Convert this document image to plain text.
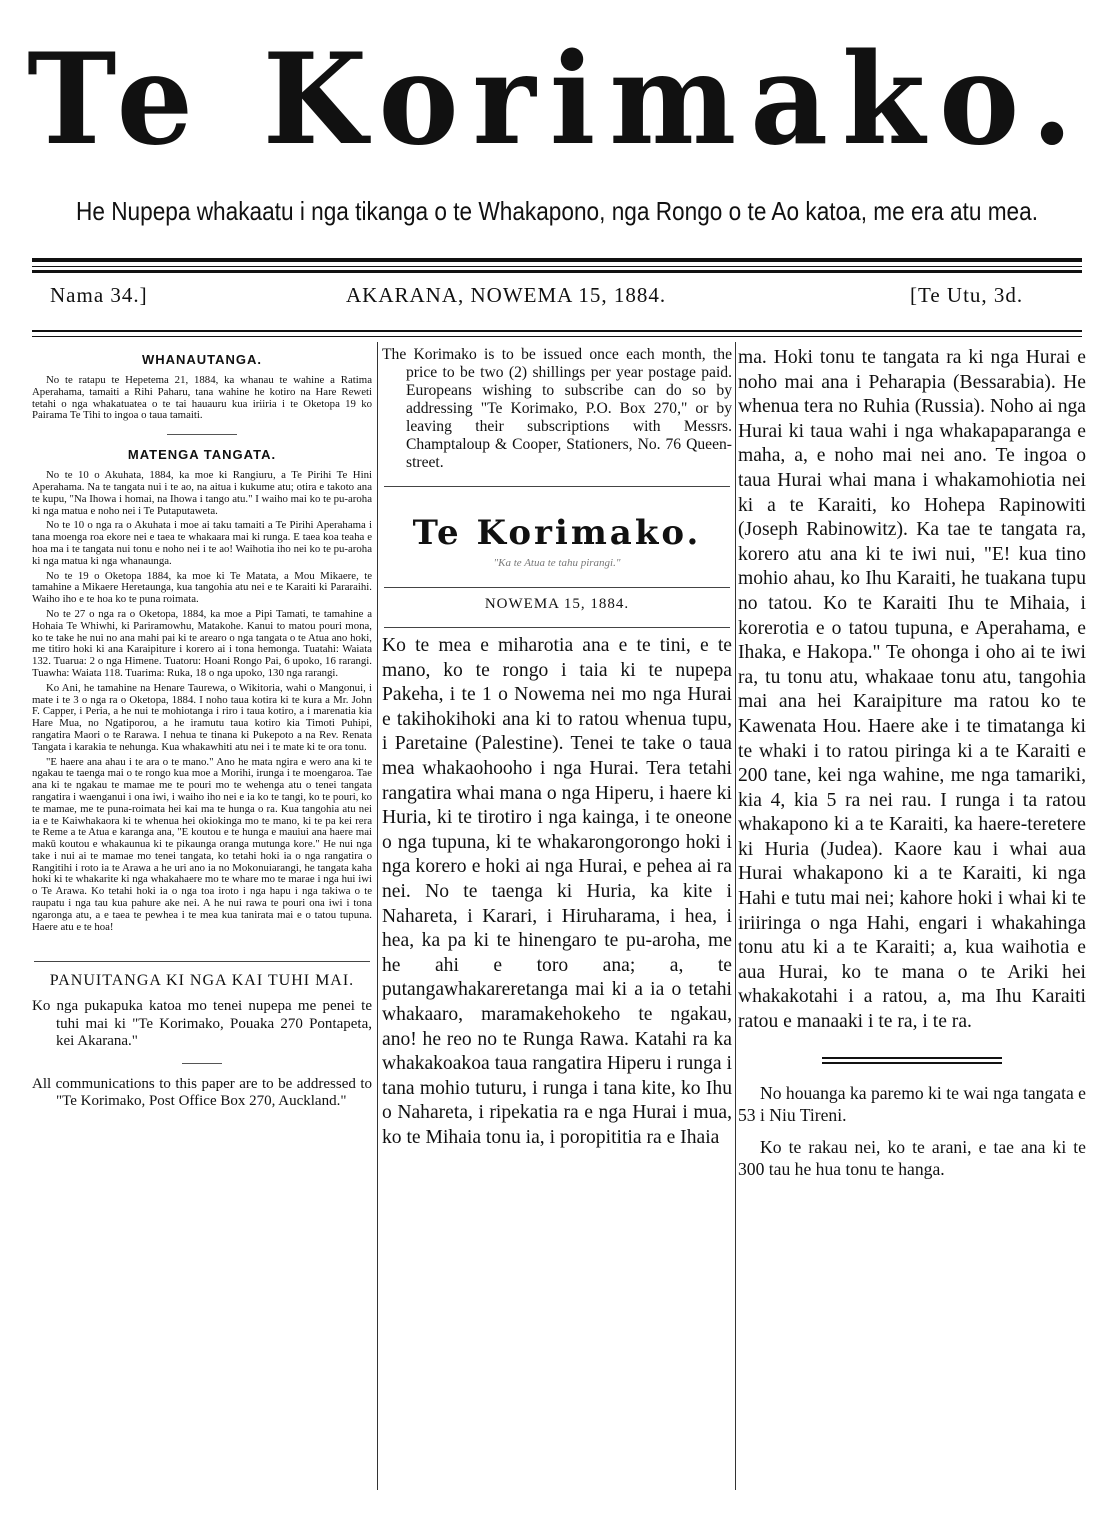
Te Korimako.
He Nupepa whakaatu i nga tikanga o te Whakapono, nga Rongo o te Ao katoa, me era atu mea.
Nama 34.]	AKARANA, NOWEMA 15, 1884.	[Te Utu, 3d.
WHANAUTANGA.

No te ratapu te Hepetema 21, 1884, ka whanau te wahine a Ratima Aperahama, tamaiti a Rihi Paharu, tana wahine he kotiro na Hare Reweti tetahi o nga whakatuatea o te tai hauauru kua iriiria i te Oketopa 19 ko Pairama Te Tihi to ingoa o taua tamaiti.

MATENGA TANGATA.

No te 10 o Akuhata, 1884, ka moe ki Rangiuru, a Te Pirihi Te Hini Aperahama. Na te tangata nui i te ao, na aitua i kukume atu; otira e takoto ana te kupu, "Na Ihowa i homai, na Ihowa i tango atu." I waiho mai ko te pu-aroha ki nga matua e noho nei i Te Putaputaweta.

No te 10 o nga ra o Akuhata i moe ai taku tamaiti a Te Pirihi Aperahama i tana moenga roa ekore nei e taea te whakaara mai ki runga. E taea koa teaha e hoa ma i te tangata nui tonu e noho nei i te ao! Waihotia iho nei ko te pu-aroha ki nga matua ki nga whanaunga.

No te 19 o Oketopa 1884, ka moe ki Te Matata, a Mou Mikaere, te tamahine a Mikaere Heretaunga, kua tangohia atu nei e te Karaiti ki Pararaihi. Waiho iho e te hoa ko te puna roimata.

No te 27 o nga ra o Oketopa, 1884, ka moe a Pipi Tamati, te tamahine a Hohaia Te Whiwhi, ki Pariramowhu, Matakohe. Kanui to matou pouri mona, ko te take he nui no ana mahi pai ki te arearo o nga tangata o te Atua ano hoki, me titiro hoki ki ana Karaipiture i korero ai i tona hemonga. Tuatahi: Waiata 132. Tuarua: 2 o nga Himene. Tuatoru: Hoani Rongo Pai, 6 upoko, 16 rarangi. Tuawha: Waiata 118. Tuarima: Ruka, 18 o nga upoko, 130 nga rarangi.

Ko Ani, he tamahine na Henare Taurewa, o Wikitoria, wahi o Mangonui, i mate i te 3 o nga ra o Oketopa, 1884. I noho taua kotira ki te kura a Mr. John F. Capper, i Peria, a he nui te mohiotanga i riro i taua kotiro, a i marenatia kia Hare Mua, no Ngatiporou, a he iramutu taua kotiro kia Timoti Puhipi, rangatira Maori o te Rarawa. I nehua te tinana ki Pukepoto a na Rev. Renata Tangata i karakia te nehunga. Kua whakawhiti atu nei i te mate ki te ora tonu.

"E haere ana ahau i te ara o te mano." Ano he mata ngira e wero ana ki te ngakau te taenga mai o te rongo kua moe a Morihi, irunga i te moengaroa. Tae ana ki te ngakau te mamae me te pouri mo te wehenga atu o tenei tangata rangatira i waenganui i ona iwi, i waiho iho nei e ia ko te tangi, ko te pouri, ko te mamae, me te puna-roimata hei kai ma te hunga o ra. Kua tangohia atu nei ia e te Kaiwhakaora ki te whenua hei okiokinga mo te mano, ki te pa kei rera te Reme a te Atua e karanga ana, "E koutou e te hunga e mauiui ana haere mai makū koutou e whakaunua ki te pikaunga oranga mutunga kore." He nui nga take i nui ai te mamae mo tenei tangata, ko tetahi hoki ia o nga rangatira o Rangitihi i roto ia te Arawa a he uri ano ia no Mokonuiarangi, he tangata kaha hoki ki te whakarite ki nga whakahaere mo te whare mo te marae i nga hui iwi o Te Arawa. Ko tetahi hoki ia o nga toa iroto i nga hapu i nga takiwa o te raupatu i nga tau kua pahure ake nei. A he nui rawa te pouri ona iwi i tona ngaronga atu, a e taea te pewhea i te mea kua tanirata mai e o tatou tupuna. Haere atu e te hoa!

PANUITANGA KI NGA KAI TUHI MAI.

Ko nga pukapuka katoa mo tenei nupepa me penei te tuhi mai ki "Te Korimako, Pouaka 270 Pontapeta, kei Akarana."

All communications to this paper are to be addressed to "Te Korimako, Post Office Box 270, Auckland."

The Korimako is to be issued once each month, the price to be two (2) shillings per year postage paid. Europeans wishing to subscribe can do so by addressing "Te Korimako, P.O. Box 270," or by leaving their subscriptions with Messrs. Champtaloup & Cooper, Stationers, No. 76 Queen-street.

Te Korimako.
"Ka te Atua te tahu pirangi."
NOWEMA 15, 1884.

Ko te mea e miharotia ana e te tini, e te mano, ko te rongo i taia ki te nupepa Pakeha, i te 1 o Nowema nei mo nga Hurai e takihokihoki ana ki to ratou whenua tupu, i Paretaine (Palestine). Tenei te take o taua mea whakaohooho i nga Hurai. Tera tetahi rangatira whai mana o nga Hiperu, i haere ki Huria, ki te tirotiro i nga kainga, i te oneone o nga tupuna, ki te whakarongorongo hoki i nga korero e hoki ai nga Hurai, e pehea ai ra nei. No te taenga ki Huria, ka kite i Nahareta, i Karari, i Hiruharama, i hea, i hea, ka pa ki te hinengaro te pu-aroha, me he ahi e toro ana; a, te putangawhakareretanga mai ki a ia o tetahi whakaaro, maramakehokeho te ngakau, ano! he reo no te Runga Rawa. Katahi ra ka whakakoakoa taua rangatira Hiperu i runga i tana mohio tuturu, i runga i tana kite, ko Ihu o Nahareta, i ripekatia ra e nga Hurai i mua, ko te Mihaia tonu ia, i poropititia ra e Ihaia

ma. Hoki tonu te tangata ra ki nga Hurai e noho mai ana i Peharapia (Bessarabia). He whenua tera no Ruhia (Russia). Noho ai nga Hurai ki taua wahi i nga whakapaparanga e maha, a, e noho mai nei ano. Te ingoa o taua Hurai whai mana i whakamohiotia nei ki a te Karaiti, ko Hohepa Rapinowiti (Joseph Rabinowitz). Ka tae te tangata ra, korero atu ana ki te iwi nui, "E! kua tino mohio ahau, ko Ihu Karaiti, he tuakana tupu no tatou. Ko te Karaiti Ihu te Mihaia, i korerotia e o tatou tupuna, e Aperahama, e Ihaka, e Hakopa." Te ohonga i oho ai te iwi ra, tu tonu atu, whakaae tonu atu, tangohia mai ana hei Karaipiture ma ratou ko te Kawenata Hou. Haere ake i te timatanga ki te whaki i to ratou piringa ki a te Karaiti e 200 tane, kei nga wahine, me nga tamariki, kia 4, kia 5 ra nei rau. I runga i ta ratou whakapono ki a te Karaiti, ka haere-teretere ki Huria (Judea). Kaore kau i whai aua Hurai whakapono ki a te Karaiti, ki nga Hahi e tutu mai nei; kahore hoki i whai ki te iriiringa o nga Hahi, engari i whakahinga tonu atu ki a te Karaiti; a, kua waihotia e aua Hurai, ko te mana o te Ariki hei whakakotahi i a ratou, a, ma Ihu Karaiti ratou e manaaki i te ra, i te ra.

No houanga ka paremo ki te wai nga tangata e 53 i Niu Tireni.

Ko te rakau nei, ko te arani, e tae ana ki te 300 tau he hua tonu te hanga.
